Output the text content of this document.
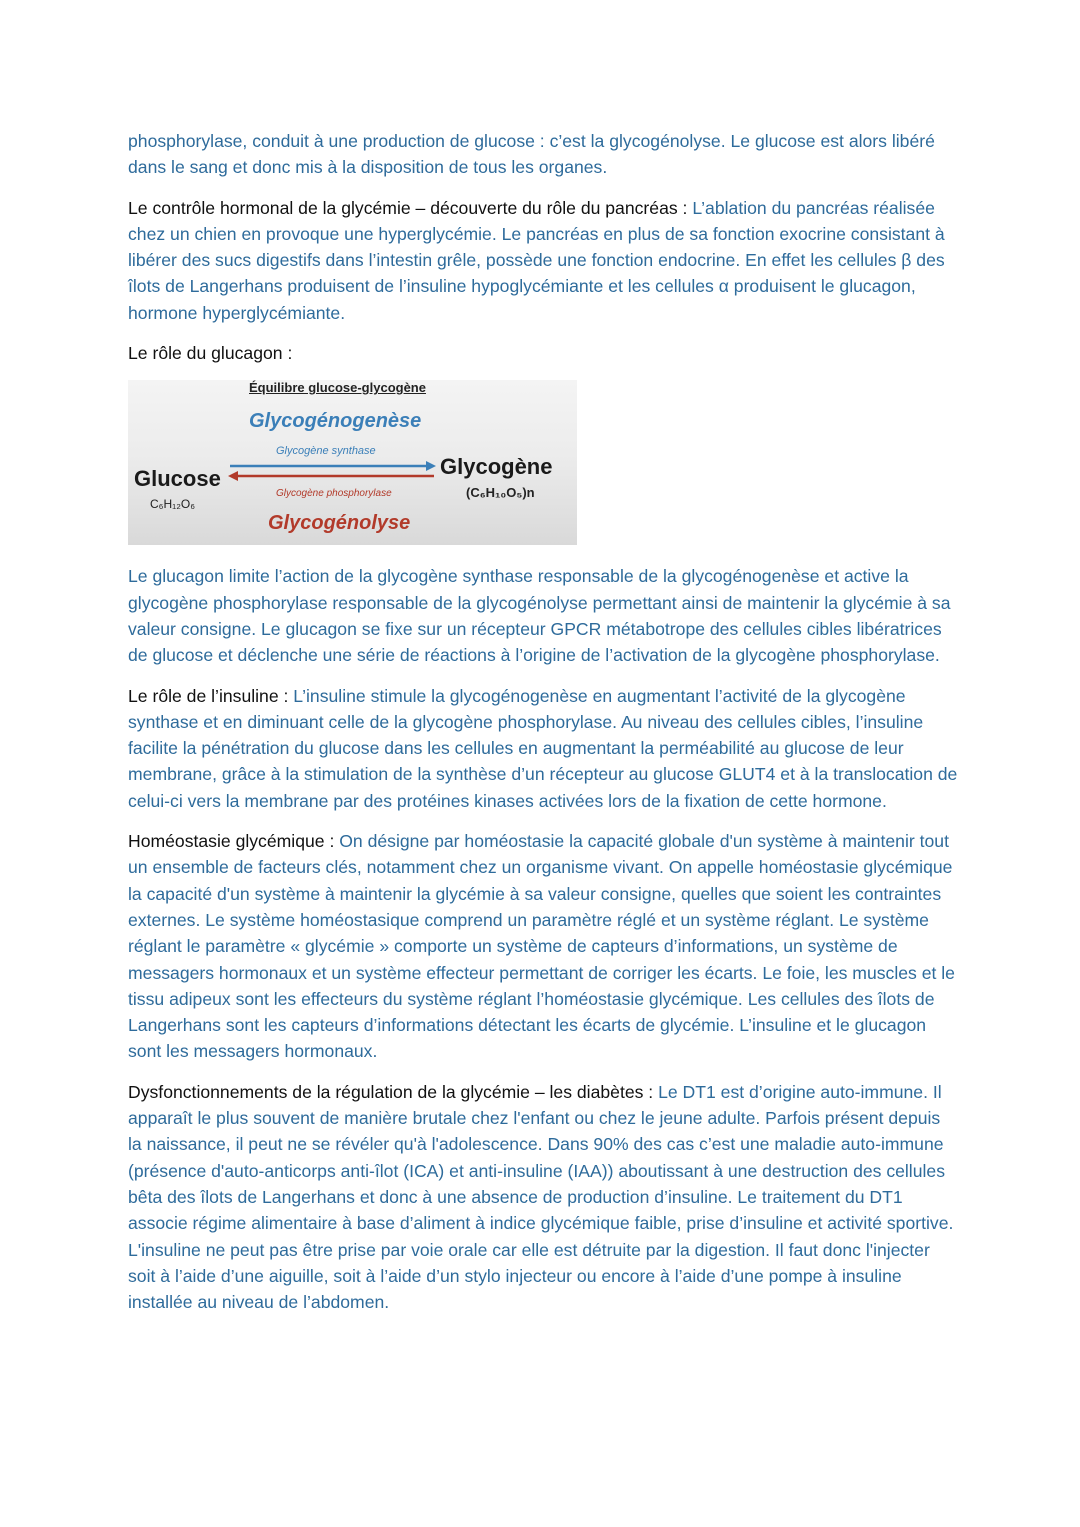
phosphorylase, conduit à une production de glucose : c’est la glycogénolyse. Le glucose est alors libéré dans le sang et donc mis à la disposition de tous les organes.

Le contrôle hormonal de la glycémie – découverte du rôle du pancréas : L’ablation du pancréas réalisée chez un chien en provoque une hyperglycémie. Le pancréas en plus de sa fonction exocrine consistant à libérer des sucs digestifs dans l’intestin grêle, possède une fonction endocrine. En effet les cellules β des îlots de Langerhans produisent de l’insuline hypoglycémiante et les cellules α produisent le glucagon, hormone hyperglycémiante.

Le rôle du glucagon :

Équilibre glucose-glycogène
Glycogénogenèse
Glycogène synthase
Glucose
C₆H₁₂O₆
Glycogène
(C₆H₁₀O₅)n
Glycogène phosphorylase
Glycogénolyse

Le glucagon limite l’action de la glycogène synthase responsable de la glycogénogenèse et active la glycogène phosphorylase responsable de la glycogénolyse permettant ainsi de maintenir la glycémie à sa valeur consigne. Le glucagon se fixe sur un récepteur GPCR métabotrope des cellules cibles libératrices de glucose et déclenche une série de réactions à l’origine de l’activation de la glycogène phosphorylase.

Le rôle de l’insuline : L’insuline stimule la glycogénogenèse en augmentant l’activité de la glycogène synthase et en diminuant celle de la glycogène phosphorylase. Au niveau des cellules cibles, l’insuline facilite la pénétration du glucose dans les cellules en augmentant la perméabilité au glucose de leur membrane, grâce à la stimulation de la synthèse d’un récepteur au glucose GLUT4 et à la translocation de celui-ci vers la membrane par des protéines kinases activées lors de la fixation de cette hormone.

Homéostasie glycémique : On désigne par homéostasie la capacité globale d'un système à maintenir tout un ensemble de facteurs clés, notamment chez un organisme vivant. On appelle homéostasie glycémique la capacité d'un système à maintenir la glycémie à sa valeur consigne, quelles que soient les contraintes externes. Le système homéostasique comprend un paramètre réglé et un système réglant. Le système réglant le paramètre « glycémie » comporte un système de capteurs d’informations, un système de messagers hormonaux et un système effecteur permettant de corriger les écarts. Le foie, les muscles et le tissu adipeux sont les effecteurs du système réglant l’homéostasie glycémique. Les cellules des îlots de Langerhans sont les capteurs d’informations détectant les écarts de glycémie. L’insuline et le glucagon sont les messagers hormonaux.

Dysfonctionnements de la régulation de la glycémie – les diabètes : Le DT1 est d’origine auto-immune. Il apparaît le plus souvent de manière brutale chez l'enfant ou chez le jeune adulte. Parfois présent depuis la naissance, il peut ne se révéler qu'à l'adolescence. Dans 90% des cas c’est une maladie auto-immune (présence d'auto-anticorps anti-îlot (ICA) et anti-insuline (IAA)) aboutissant à une destruction des cellules bêta des îlots de Langerhans et donc à une absence de production d’insuline. Le traitement du DT1 associe régime alimentaire à base d’aliment à indice glycémique faible, prise d’insuline et activité sportive. L'insuline ne peut pas être prise par voie orale car elle est détruite par la digestion. Il faut donc l'injecter soit à l’aide d’une aiguille, soit à l’aide d’un stylo injecteur ou encore à l’aide d’une pompe à insuline installée au niveau de l’abdomen.
